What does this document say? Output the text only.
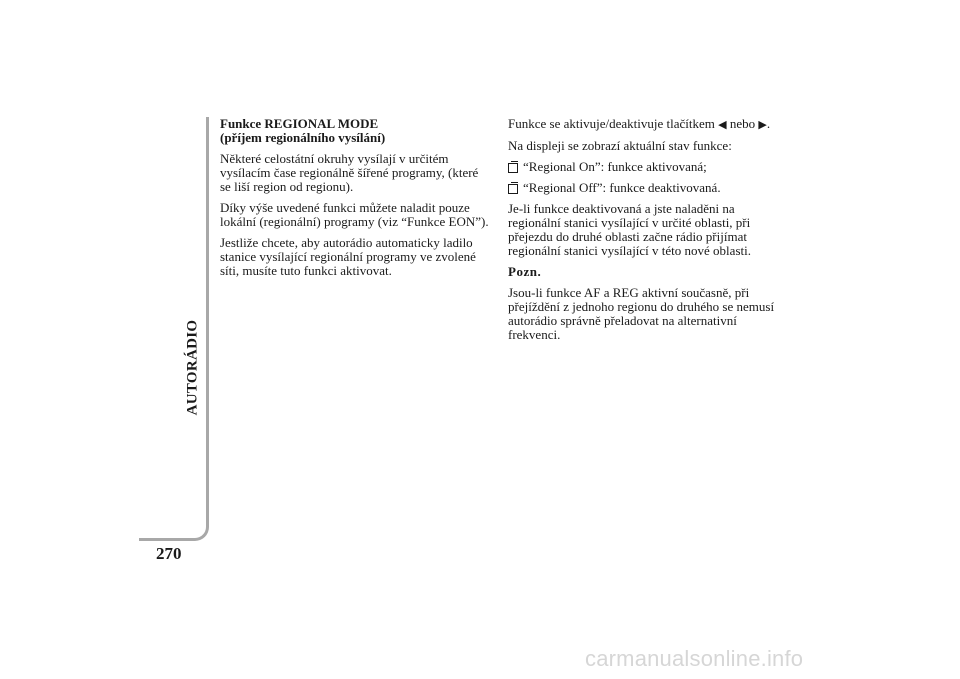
AUTORÁDIO
270
Funkce REGIONAL MODE
(příjem regionálního vysílání)

Některé celostátní okruhy vysílají v určitém vysílacím čase regionálně šířené programy, (které se liší region od regionu).

Díky výše uvedené funkci můžete naladit pouze lokální (regionální) programy (viz “Funkce EON”).

Jestliže chcete, aby autorádio automaticky ladilo stanice vysílající regionální programy ve zvolené síti, musíte tuto funkci aktivovat.

Funkce se aktivuje/deaktivuje tlačítkem ◀ nebo ▶.

Na displeji se zobrazí aktuální stav funkce:

“Regional On”: funkce aktivovaná;
“Regional Off”: funkce deaktivovaná.

Je-li funkce deaktivovaná a jste naladěni na regionální stanici vysílající v určité oblasti, při přejezdu do druhé oblasti začne rádio přijímat regionální stanici vysílající v této nové oblasti.

Pozn.

Jsou-li funkce AF a REG aktivní současně, při přejíždění z jednoho regionu do druhého se nemusí autorádio správně přeladovat na alternativní frekvenci.

carmanualsonline.info
